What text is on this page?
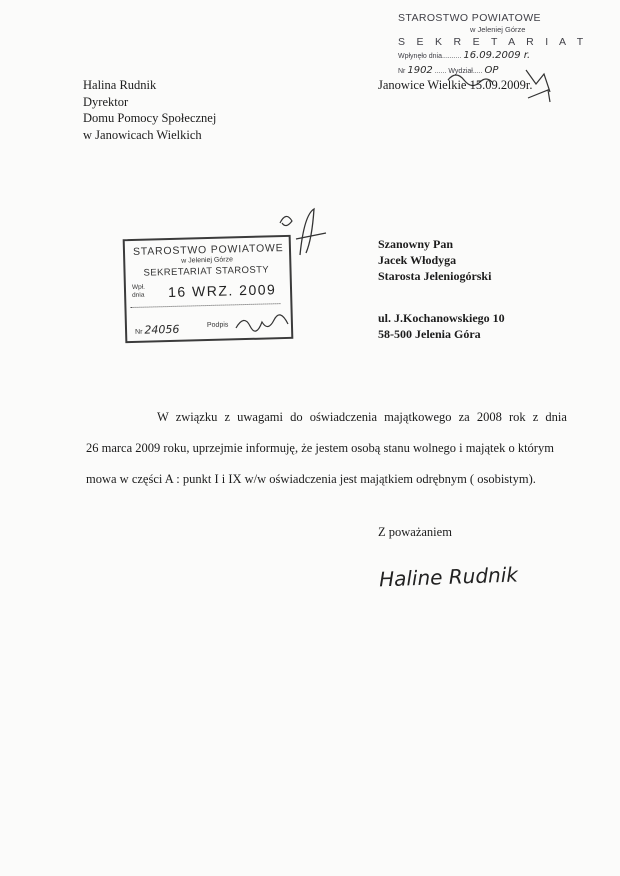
STAROSTWO POWIATOWE
w Jeleniej Górze
S E K R E T A R I A T
Wpłynęło dnia.......... 16.09.2009 r.
Nr 1902 ...... Wydział..... OP
Halina Rudnik
Dyrektor
Domu Pomocy Społecznej
w Janowicach Wielkich
Janowice Wielkie 15.09.2009r.
STAROSTWO POWIATOWE
w Jeleniej Górze
SEKRETARIAT STAROSTY
Wpł. dnia	16 WRZ. 2009
Nr 24056	Podpis
Szanowny Pan
Jacek Włodyga
Starosta Jeleniogórski
ul. J.Kochanowskiego 10
58-500 Jelenia Góra
W związku z uwagami do oświadczenia majątkowego za 2008 rok z dnia
26 marca 2009 roku, uprzejmie informuję, że jestem osobą stanu wolnego i majątek o którym
mowa w części A : punkt I i IX w/w oświadczenia jest majątkiem odrębnym ( osobistym).
Z poważaniem
Haline Rudnik
